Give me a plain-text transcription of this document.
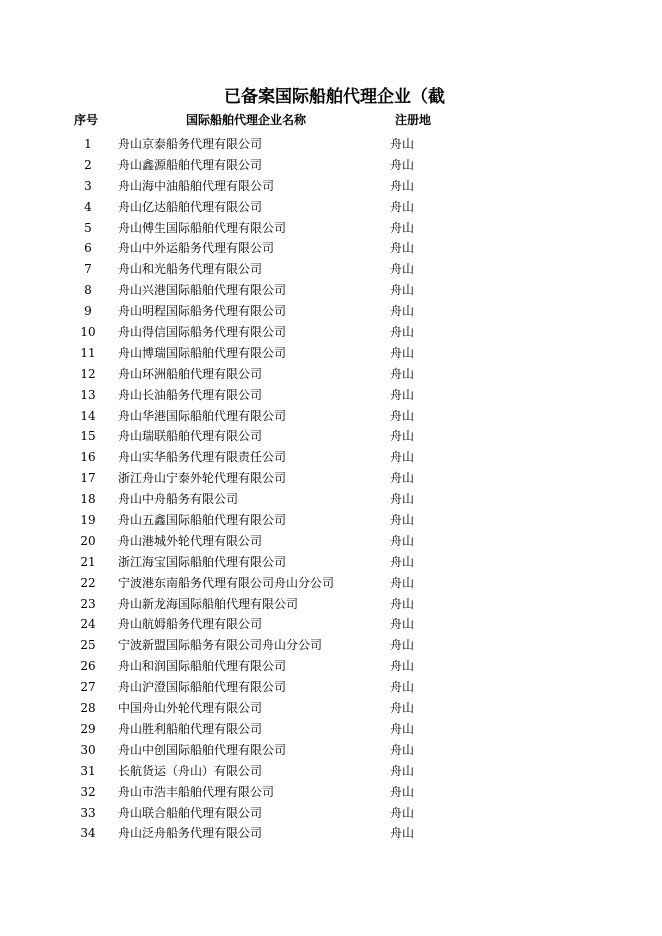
已备案国际船舶代理企业（截
序号	国际船舶代理企业名称	注册地
1	舟山京泰船务代理有限公司	舟山
2	舟山鑫源船舶代理有限公司	舟山
3	舟山海中油船舶代理有限公司	舟山
4	舟山亿达船舶代理有限公司	舟山
5	舟山傅生国际船舶代理有限公司	舟山
6	舟山中外运船务代理有限公司	舟山
7	舟山和光船务代理有限公司	舟山
8	舟山兴港国际船舶代理有限公司	舟山
9	舟山明程国际船务代理有限公司	舟山
10	舟山得信国际船务代理有限公司	舟山
11	舟山博瑞国际船舶代理有限公司	舟山
12	舟山环洲船舶代理有限公司	舟山
13	舟山长油船务代理有限公司	舟山
14	舟山华港国际船舶代理有限公司	舟山
15	舟山瑞联船舶代理有限公司	舟山
16	舟山实华船务代理有限责任公司	舟山
17	浙江舟山宁泰外轮代理有限公司	舟山
18	舟山中舟船务有限公司	舟山
19	舟山五鑫国际船舶代理有限公司	舟山
20	舟山港城外轮代理有限公司	舟山
21	浙江海宝国际船舶代理有限公司	舟山
22	宁波港东南船务代理有限公司舟山分公司	舟山
23	舟山新龙海国际船舶代理有限公司	舟山
24	舟山航姆船务代理有限公司	舟山
25	宁波新盟国际船务有限公司舟山分公司	舟山
26	舟山和润国际船舶代理有限公司	舟山
27	舟山沪澄国际船舶代理有限公司	舟山
28	中国舟山外轮代理有限公司	舟山
29	舟山胜利船舶代理有限公司	舟山
30	舟山中创国际船舶代理有限公司	舟山
31	长航货运（舟山）有限公司	舟山
32	舟山市浩丰船舶代理有限公司	舟山
33	舟山联合船舶代理有限公司	舟山
34	舟山泛舟船务代理有限公司	舟山
